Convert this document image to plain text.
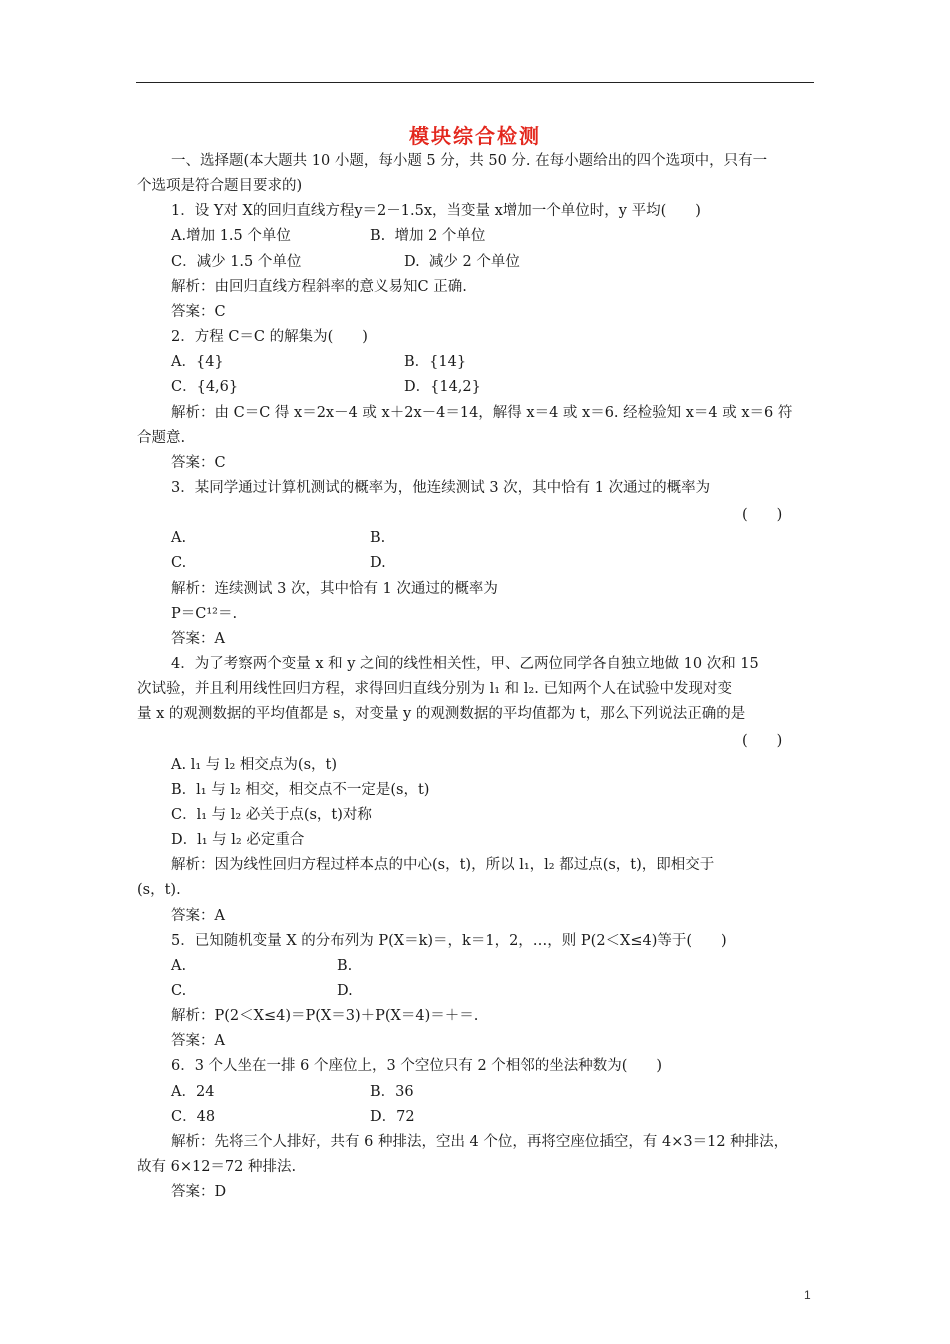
模块综合检测
一、选择题(本大题共 10 小题，每小题 5 分，共 50 分. 在每小题给出的四个选项中，只有一
个选项是符合题目要求的)
1．设 Y对 X的回归直线方程y＝2－1.5x，当变量 x增加一个单位时，y 平均(　　)
A.增加 1.5 个单位	B.  增加 2 个单位
C．减少 1.5 个单位	D.  减少 2 个单位
解析：由回归直线方程斜率的意义易知C 正确.
答案：C
2．方程 C＝C 的解集为(　　)
A．{4}	B．{14}
C．{4,6}	D．{14,2}
解析：由 C＝C 得 x＝2x－4 或 x＋2x－4＝14，解得 x＝4 或 x＝6. 经检验知 x＝4 或 x＝6 符
合题意.
答案：C
3．某同学通过计算机测试的概率为，他连续测试 3 次，其中恰有 1 次通过的概率为
(　　)
A.	B.
C.	D.
解析：连续测试 3 次，其中恰有 1 次通过的概率为
P＝C¹²＝.
答案：A
4．为了考察两个变量 x 和 y 之间的线性相关性，甲、乙两位同学各自独立地做 10 次和 15
次试验，并且利用线性回归方程，求得回归直线分别为 l₁ 和 l₂. 已知两个人在试验中发现对变
量 x 的观测数据的平均值都是 s，对变量 y 的观测数据的平均值都为 t，那么下列说法正确的是
(　　)
A. l₁ 与 l₂ 相交点为(s，t)
B．l₁ 与 l₂ 相交，相交点不一定是(s，t)
C．l₁ 与 l₂ 必关于点(s，t)对称
D．l₁ 与 l₂ 必定重合
解析：因为线性回归方程过样本点的中心(s，t)，所以 l₁，l₂ 都过点(s，t)，即相交于
(s，t).
答案：A
5．已知随机变量 X 的分布列为 P(X＝k)＝，k＝1，2，…，则 P(2＜X≤4)等于(　　)
A.	B.
C.	D.
解析：P(2＜X≤4)＝P(X＝3)＋P(X＝4)＝＋＝.
答案：A
6．3 个人坐在一排 6 个座位上，3 个空位只有 2 个相邻的坐法种数为(　　)
A．24	B．36
C．48	D．72
解析：先将三个人排好，共有 6 种排法，空出 4 个位，再将空座位插空，有 4×3＝12 种排法，
故有 6×12＝72 种排法.
答案：D
1
